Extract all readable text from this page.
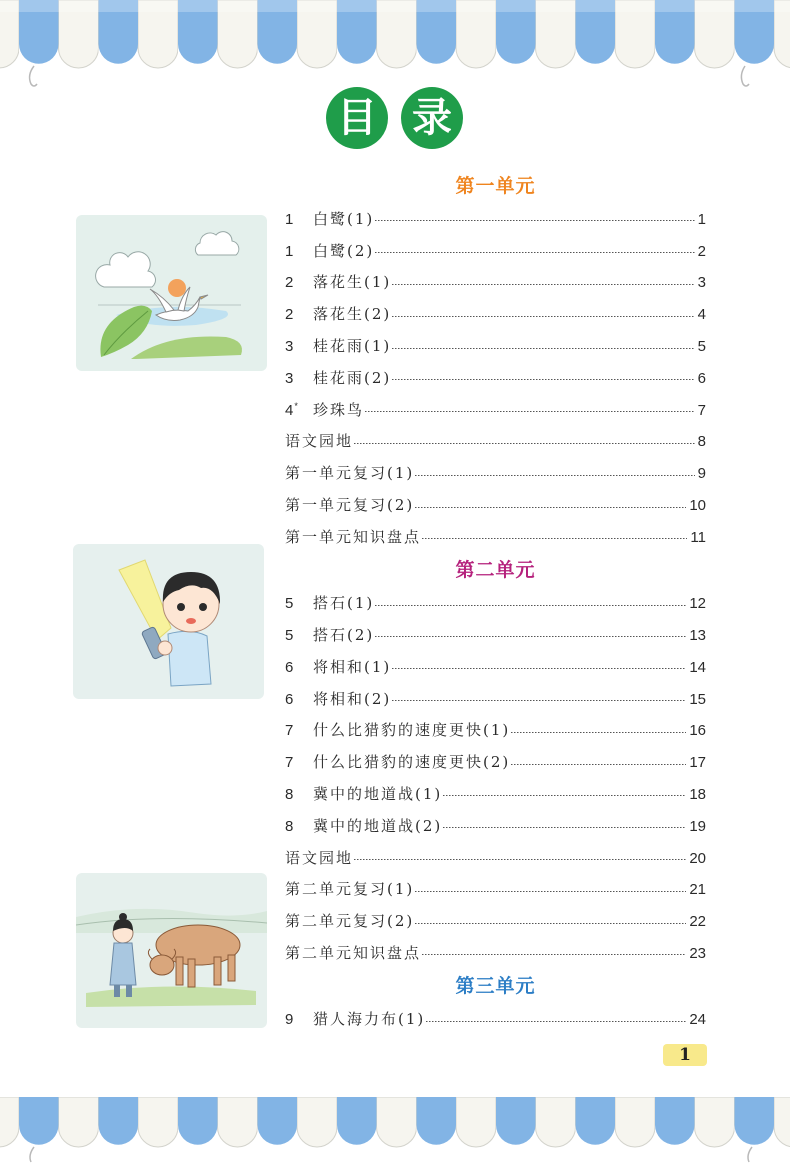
目 录
第一单元
1	白鹭(1)	1
1	白鹭(2)	2
2	落花生(1)	3
2	落花生(2)	4
3	桂花雨(1)	5
3	桂花雨(2)	6
4*	珍珠鸟	7
语文园地	8
第一单元复习(1)	9
第一单元复习(2)	10
第一单元知识盘点	11
第二单元
5	搭石(1)	12
5	搭石(2)	13
6	将相和(1)	14
6	将相和(2)	15
7	什么比猎豹的速度更快(1)	16
7	什么比猎豹的速度更快(2)	17
8	冀中的地道战(1)	18
8	冀中的地道战(2)	19
语文园地	20
第二单元复习(1)	21
第二单元复习(2)	22
第二单元知识盘点	23
第三单元
9	猎人海力布(1)	24
1
